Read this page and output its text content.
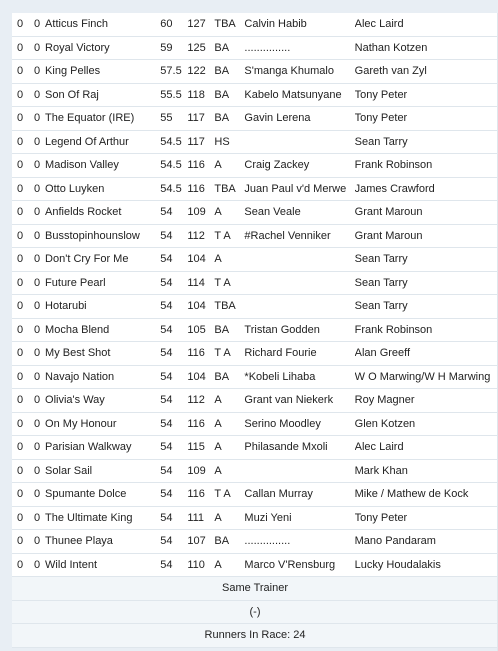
0	0	Atticus Finch	60	127	TBA	Calvin Habib	Alec Laird
0	0	Royal Victory	59	125	BA	...............	Nathan Kotzen
0	0	King Pelles	57.5	122	BA	S'manga Khumalo	Gareth van Zyl
0	0	Son Of Raj	55.5	118	BA	Kabelo Matsunyane	Tony Peter
0	0	The Equator (IRE)	55	117	BA	Gavin Lerena	Tony Peter
0	0	Legend Of Arthur	54.5	117	HS		Sean Tarry
0	0	Madison Valley	54.5	116	A	Craig Zackey	Frank Robinson
0	0	Otto Luyken	54.5	116	TBA	Juan Paul v'd Merwe	James Crawford
0	0	Anfields Rocket	54	109	A	Sean Veale	Grant Maroun
0	0	Busstopinhounslow	54	112	T A	#Rachel Venniker	Grant Maroun
0	0	Don't Cry For Me	54	104	A		Sean Tarry
0	0	Future Pearl	54	114	T A		Sean Tarry
0	0	Hotarubi	54	104	TBA		Sean Tarry
0	0	Mocha Blend	54	105	BA	Tristan Godden	Frank Robinson
0	0	My Best Shot	54	116	T A	Richard Fourie	Alan Greeff
0	0	Navajo Nation	54	104	BA	*Kobeli Lihaba	W O Marwing/W H Marwing
0	0	Olivia's Way	54	112	A	Grant van Niekerk	Roy Magner
0	0	On My Honour	54	116	A	Serino Moodley	Glen Kotzen
0	0	Parisian Walkway	54	115	A	Philasande Mxoli	Alec Laird
0	0	Solar Sail	54	109	A		Mark Khan
0	0	Spumante Dolce	54	116	T A	Callan Murray	Mike / Mathew de Kock
0	0	The Ultimate King	54	111	A	Muzi Yeni	Tony Peter
0	0	Thunee Playa	54	107	BA	...............	Mano Pandaram
0	0	Wild Intent	54	110	A	Marco V'Rensburg	Lucky Houdalakis
Same Trainer							
(-)							
Runners In Race: 24							
